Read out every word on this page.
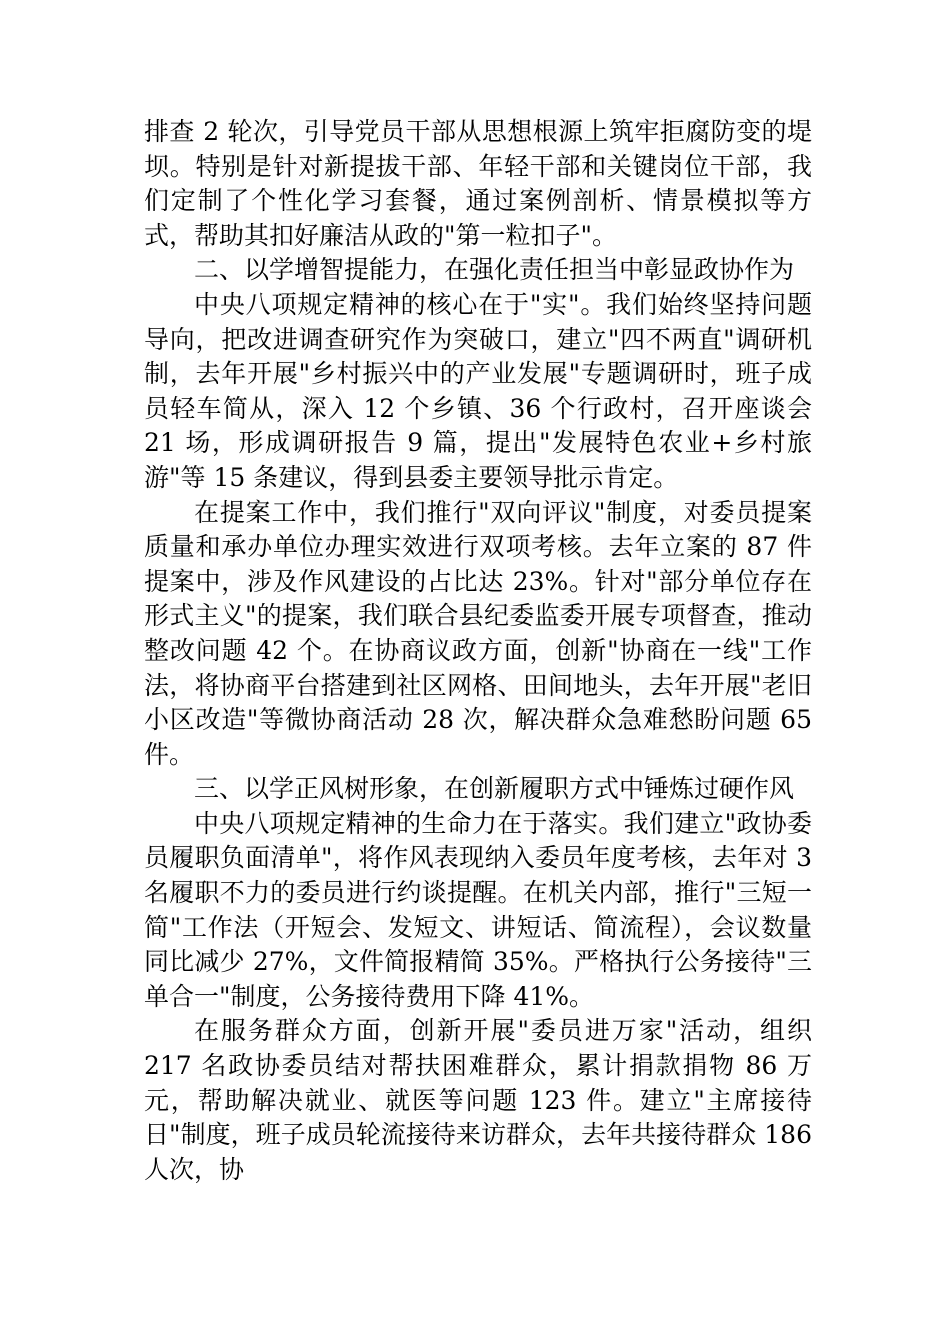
排查 2 轮次，引导党员干部从思想根源上筑牢拒腐防变的堤坝。特别是针对新提拔干部、年轻干部和关键岗位干部，我们定制了个性化学习套餐，通过案例剖析、情景模拟等方式，帮助其扣好廉洁从政的"第一粒扣子"。

二、以学增智提能力，在强化责任担当中彰显政协作为

中央八项规定精神的核心在于"实"。我们始终坚持问题导向，把改进调查研究作为突破口，建立"四不两直"调研机制，去年开展"乡村振兴中的产业发展"专题调研时，班子成员轻车简从，深入 12 个乡镇、36 个行政村，召开座谈会 21 场，形成调研报告 9 篇，提出"发展特色农业+乡村旅游"等 15 条建议，得到县委主要领导批示肯定。

在提案工作中，我们推行"双向评议"制度，对委员提案质量和承办单位办理实效进行双项考核。去年立案的 87 件提案中，涉及作风建设的占比达 23%。针对"部分单位存在形式主义"的提案，我们联合县纪委监委开展专项督查，推动整改问题 42 个。在协商议政方面，创新"协商在一线"工作法，将协商平台搭建到社区网格、田间地头，去年开展"老旧小区改造"等微协商活动 28 次，解决群众急难愁盼问题 65 件。

三、以学正风树形象，在创新履职方式中锤炼过硬作风

中央八项规定精神的生命力在于落实。我们建立"政协委员履职负面清单"，将作风表现纳入委员年度考核，去年对 3 名履职不力的委员进行约谈提醒。在机关内部，推行"三短一简"工作法（开短会、发短文、讲短话、简流程），会议数量同比减少 27%，文件简报精简 35%。严格执行公务接待"三单合一"制度，公务接待费用下降 41%。

在服务群众方面，创新开展"委员进万家"活动，组织 217 名政协委员结对帮扶困难群众，累计捐款捐物 86 万元，帮助解决就业、就医等问题 123 件。建立"主席接待日"制度，班子成员轮流接待来访群众，去年共接待群众 186 人次，协
